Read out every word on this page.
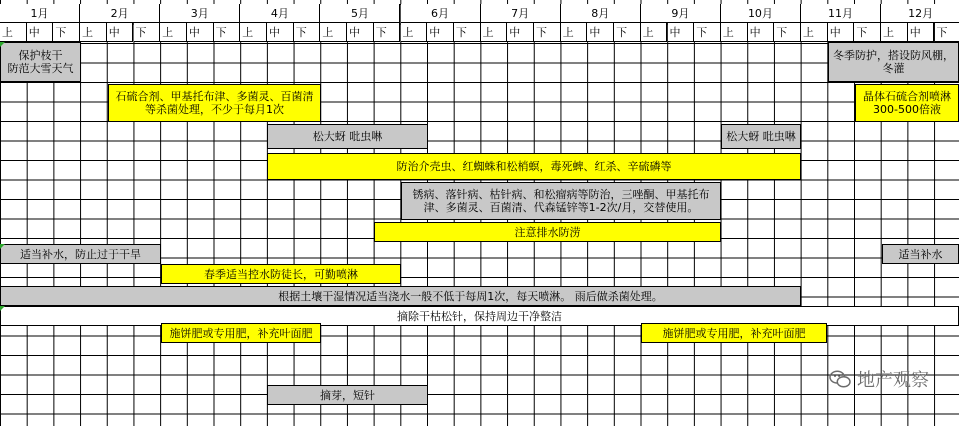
1月	2月	3月	4月	5月	6月	7月	8月	9月	10月	11月	12月
上	中	下	上	中	下	上	中	下	上	中	下	上	中	下	上	中	下	上	中	下	上	中	下	上	中	下	上	中	下	上	中	下	上	中	下
保护枝干
防范大雪天气
冬季防护，搭设防风棚，冬灌
石硫合剂、甲基托布津、多菌灵、百菌清等杀菌处理，不少于每月1次
晶体石硫合剂喷淋300-500倍液
松大蚜 吡虫啉	松大蚜 吡虫啉
防治介壳虫、红蜘蛛和松梢螟，毒死蜱、红杀、辛硫磷等
锈病、落针病、枯针病、和松瘤病等防治，三唑酮、甲基托布津、多菌灵、百菌清、代森锰锌等1-2次/月，交替使用。
注意排水防涝
适当补水，防止过于干旱	适当补水
春季适当控水防徒长，可勤喷淋
根据土壤干湿情况适当浇水一般不低于每周1次，每天喷淋。 雨后做杀菌处理。
摘除干枯松针，保持周边干净整洁
施饼肥或专用肥，补充叶面肥	施饼肥或专用肥，补充叶面肥
摘芽，短针
地产观察
